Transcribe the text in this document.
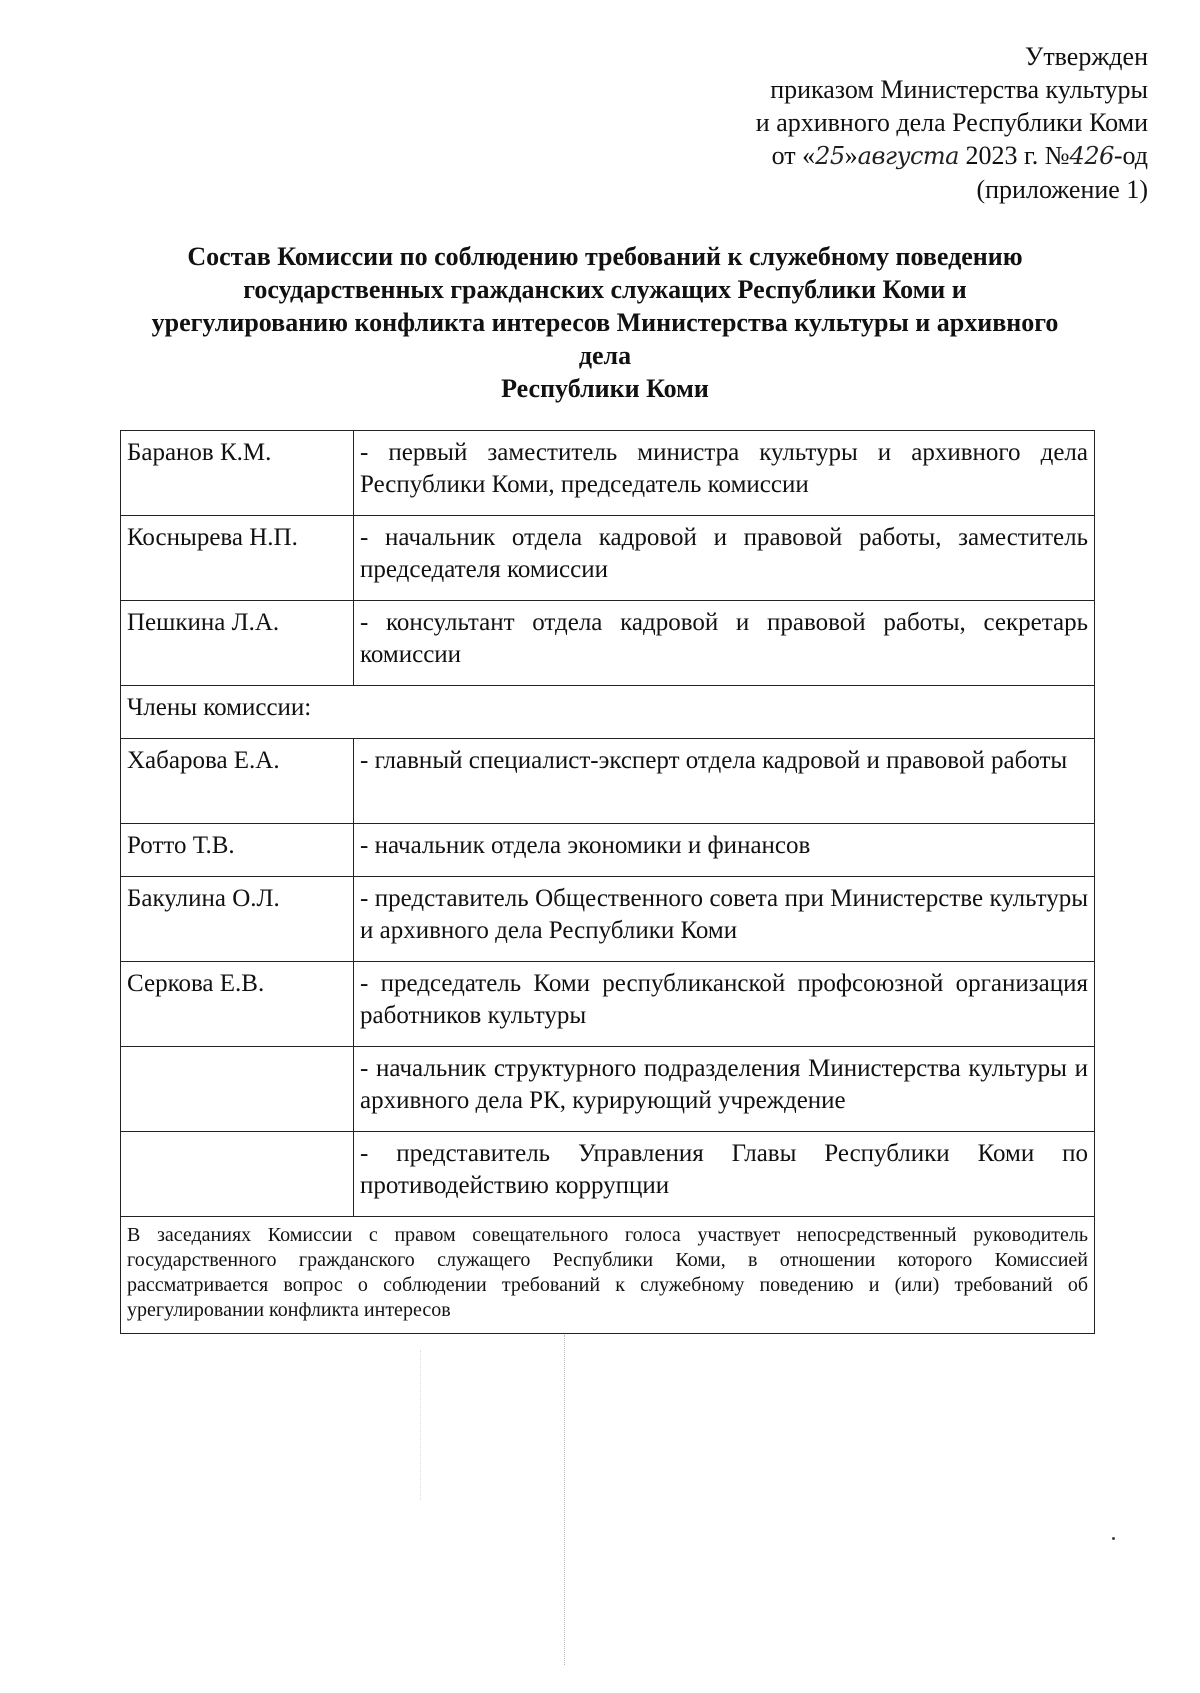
Утвержден
приказом Министерства культуры
и архивного дела Республики Коми
от «25»августа 2023 г. №426-од
(приложение 1)
Состав Комиссии по соблюдению требований к служебному поведению
государственных гражданских служащих Республики Коми и
урегулированию конфликта интересов Министерства культуры и архивного
дела
Республики Коми
Баранов К.М.	- первый заместитель министра культуры и архивного дела Республики Коми, председатель комиссии
Коснырева Н.П.	- начальник отдела кадровой и правовой работы, заместитель председателя комиссии
Пешкина Л.А.	- консультант отдела кадровой и правовой работы, секретарь комиссии
Члены комиссии:	
Хабарова Е.А.	- главный специалист-эксперт отдела кадровой и правовой работы
Ротто Т.В.	- начальник отдела экономики и финансов
Бакулина О.Л.	- представитель Общественного совета при Министерстве культуры и архивного дела Республики Коми
Серкова Е.В.	- председатель Коми республиканской профсоюзной организация работников культуры
	- начальник структурного подразделения Министерства культуры и архивного дела РК, курирующий учреждение
	- представитель Управления Главы Республики Коми по противодействию коррупции
В заседаниях Комиссии с правом совещательного голоса участвует непосредственный руководитель государственного гражданского служащего Республики Коми, в отношении которого Комиссией рассматривается вопрос о соблюдении требований к служебному поведению и (или) требований об урегулировании конфликта интересов	
